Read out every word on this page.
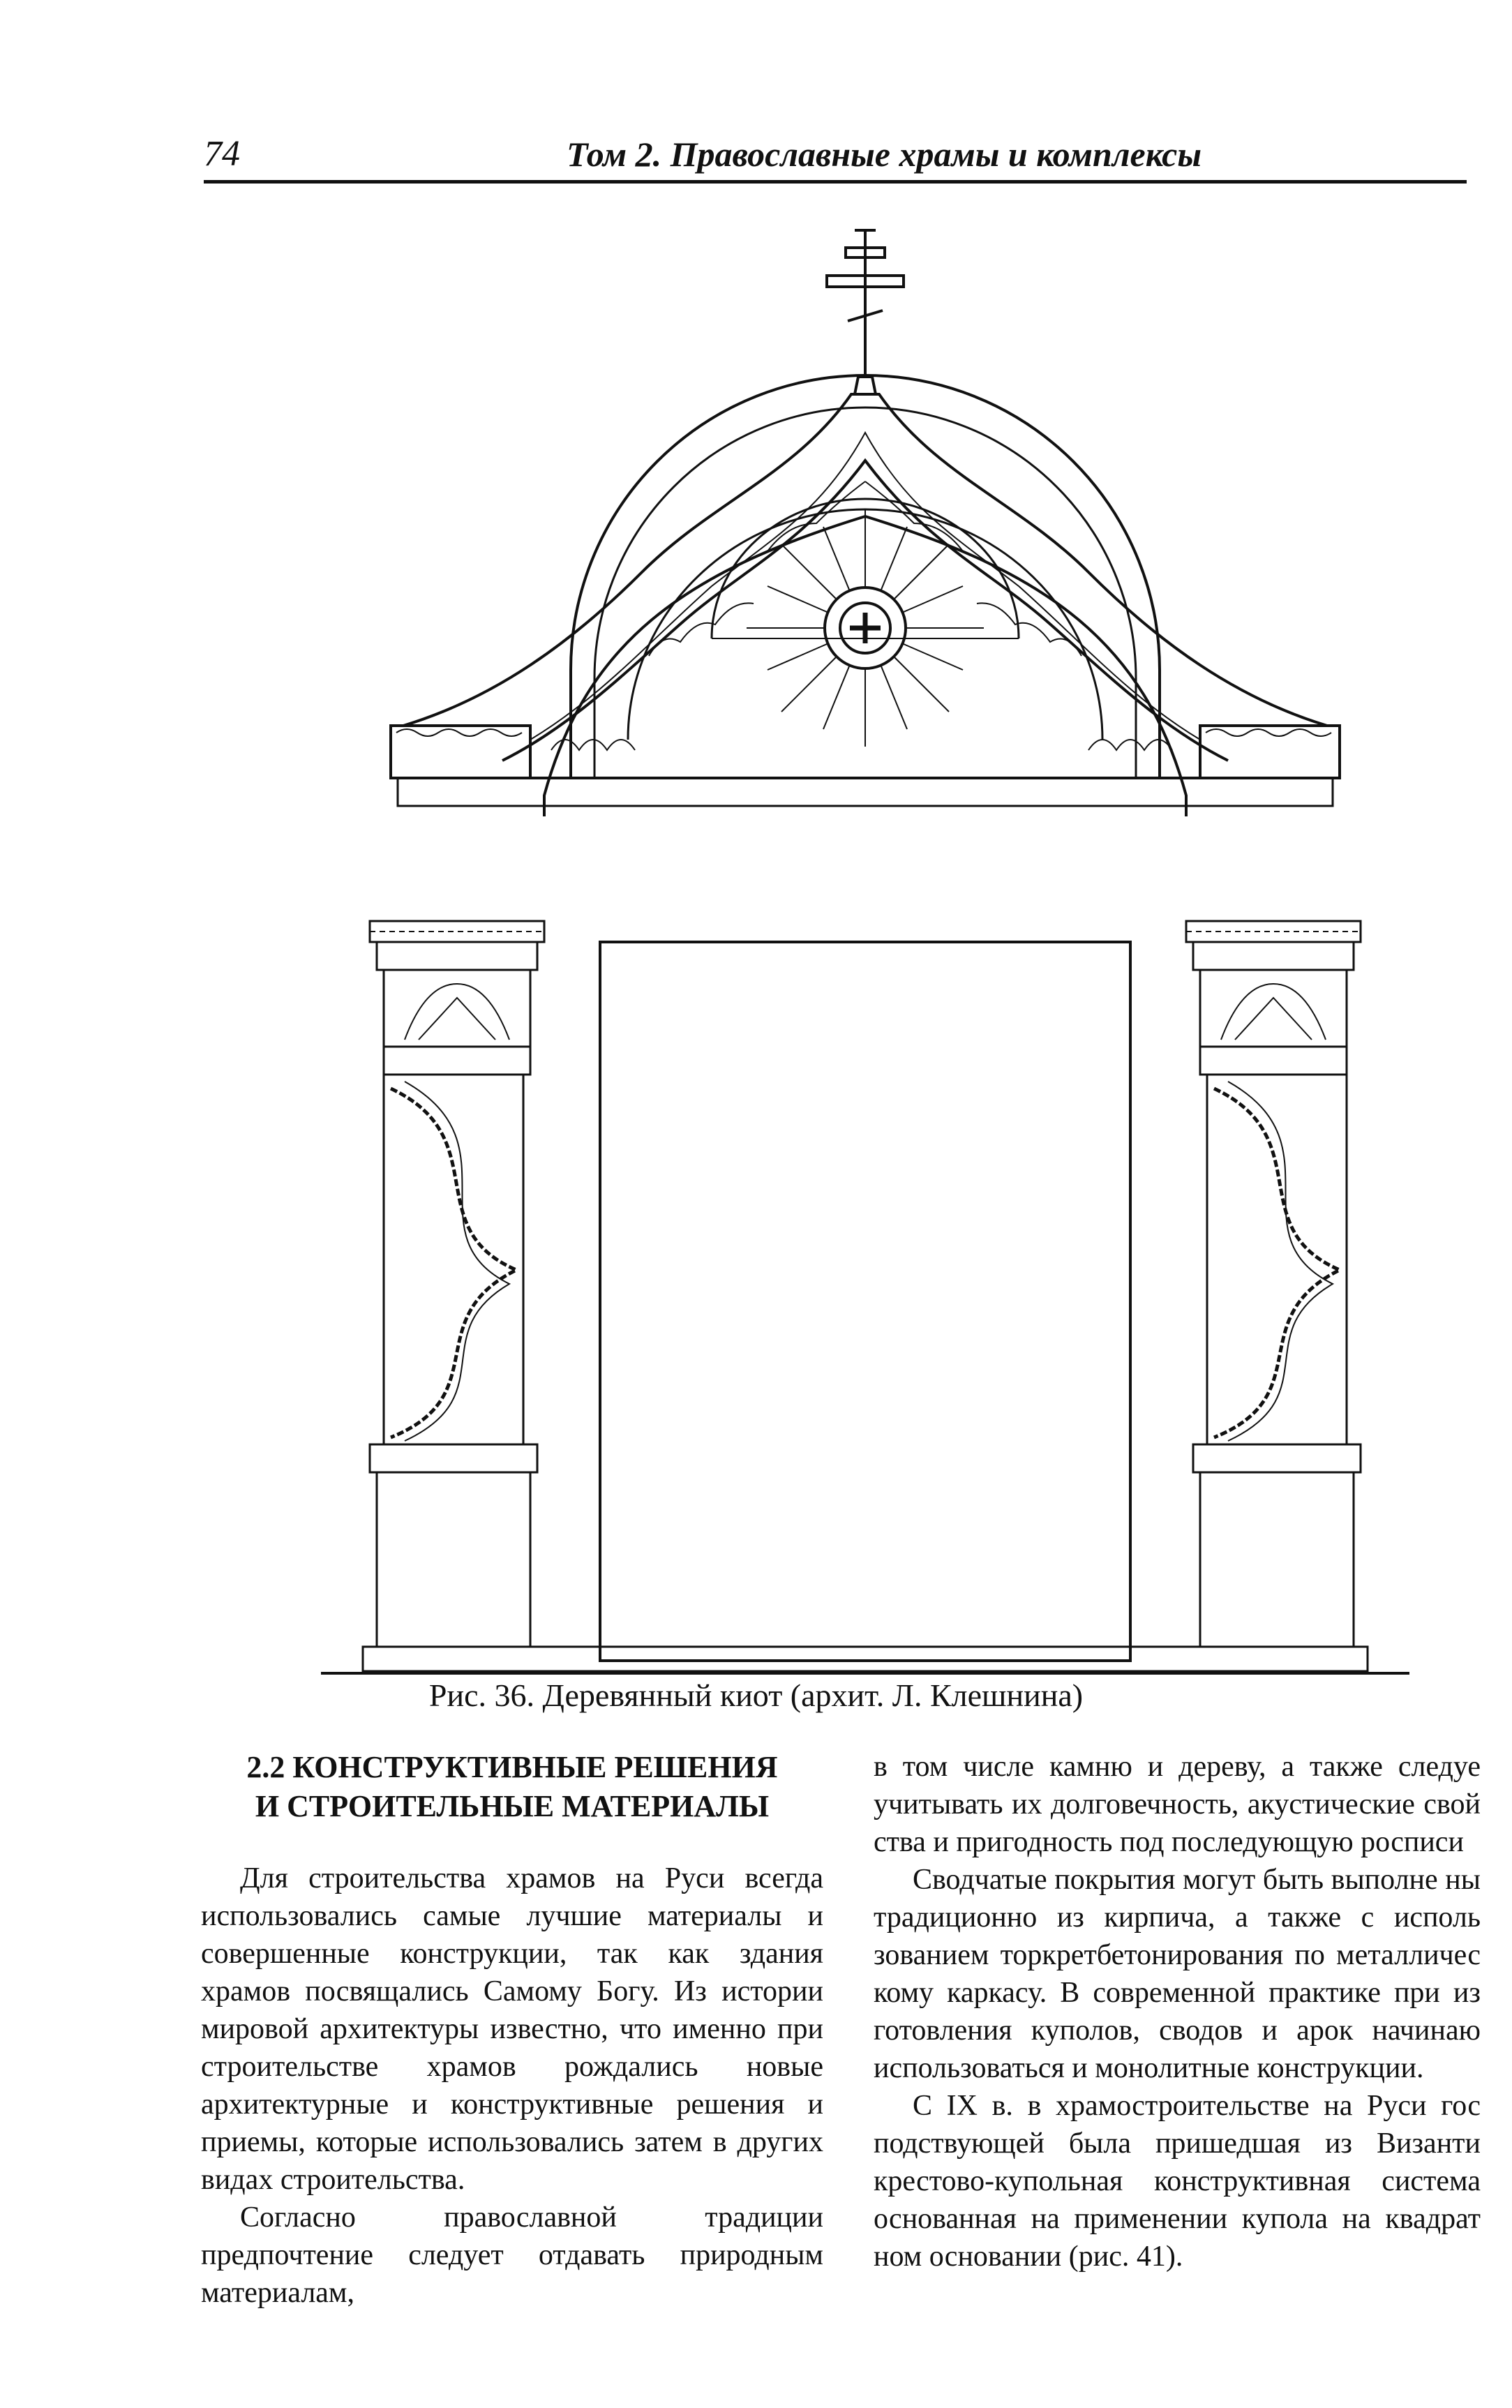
74	Том 2. Православные храмы и комплексы
Рис. 36. Деревянный киот (архит. Л. Клешнина)
2.2 КОНСТРУКТИВНЫЕ РЕШЕНИЯ
И СТРОИТЕЛЬНЫЕ МАТЕРИАЛЫ

Для строительства храмов на Руси всегда использовались самые лучшие материалы и совершенные конструкции, так как здания храмов посвящались Самому Богу. Из истории мировой архитектуры известно, что именно при строительстве храмов рождались новые архитектурные и конструктивные решения и приемы, которые использовались затем в других видах строительства.

Согласно православной традиции предпочтение следует отдавать природным материалам,

в том числе камню и дереву, а также следуе учитывать их долговечность, акустические свой ства и пригодность под последующую росписи

Сводчатые покрытия могут быть выполне ны традиционно из кирпича, а также с исполь зованием торкретбетонирования по металличес кому каркасу. В современной практике при из готовления куполов, сводов и арок начинаю использоваться и монолитные конструкции.

С IX в. в храмостроительстве на Руси гос подствующей была пришедшая из Византи крестово-купольная конструктивная система основанная на применении купола на квадрат ном основании (рис. 41).
